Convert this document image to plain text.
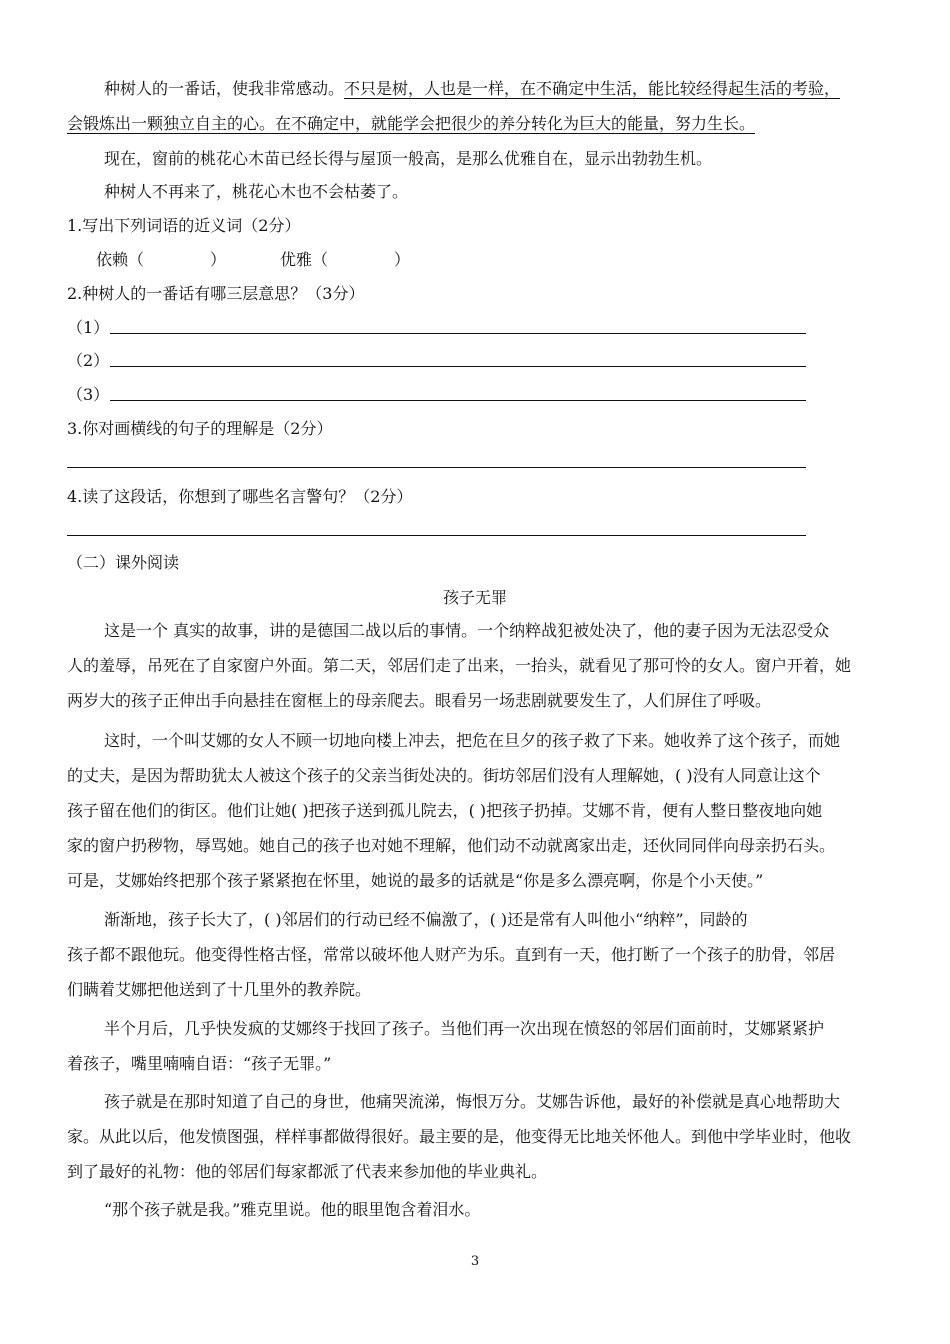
种树人的一番话，使我非常感动。不只是树，人也是一样，在不确定中生活，能比较经得起生活的考验，
会锻炼出一颗独立自主的心。在不确定中，就能学会把很少的养分转化为巨大的能量，努力生长。
现在，窗前的桃花心木苗已经长得与屋顶一般高，是那么优雅自在，显示出勃勃生机。
种树人不再来了，桃花心木也不会枯萎了。
1.写出下列词语的近义词（2分）
依赖（	）	优雅（	）
2.种树人的一番话有哪三层意思？（3分）
（1）
（2）
（3）
3.你对画横线的句子的理解是（2分）
4.读了这段话，你想到了哪些名言警句？（2分）
（二）课外阅读
孩子无罪
这是一个 真实的故事，讲的是德国二战以后的事情。一个纳粹战犯被处决了，他的妻子因为无法忍受众
人的羞辱，吊死在了自家窗户外面。第二天，邻居们走了出来，一抬头，就看见了那可怜的女人。窗户开着，她
两岁大的孩子正伸出手向悬挂在窗框上的母亲爬去。眼看另一场悲剧就要发生了，人们屏住了呼吸。
这时，一个叫艾娜的女人不顾一切地向楼上冲去，把危在旦夕的孩子救了下来。她收养了这个孩子，而她
的丈夫，是因为帮助犹太人被这个孩子的父亲当街处决的。街坊邻居们没有人理解她，( )没有人同意让这个
孩子留在他们的街区。他们让她( )把孩子送到孤儿院去，( )把孩子扔掉。艾娜不肯，便有人整日整夜地向她
家的窗户扔秽物，辱骂她。她自己的孩子也对她不理解，他们动不动就离家出走，还伙同同伴向母亲扔石头。
可是，艾娜始终把那个孩子紧紧抱在怀里，她说的最多的话就是“你是多么漂亮啊，你是个小天使。”
渐渐地，孩子长大了，( )邻居们的行动已经不偏激了，( )还是常有人叫他小“纳粹”，同龄的
孩子都不跟他玩。他变得性格古怪，常常以破坏他人财产为乐。直到有一天，他打断了一个孩子的肋骨，邻居
们瞒着艾娜把他送到了十几里外的教养院。
半个月后，几乎快发疯的艾娜终于找回了孩子。当他们再一次出现在愤怒的邻居们面前时，艾娜紧紧护
着孩子，嘴里喃喃自语：“孩子无罪。”
孩子就是在那时知道了自己的身世，他痛哭流涕，悔恨万分。艾娜告诉他，最好的补偿就是真心地帮助大
家。从此以后，他发愤图强，样样事都做得很好。最主要的是，他变得无比地关怀他人。到他中学毕业时，他收
到了最好的礼物：他的邻居们每家都派了代表来参加他的毕业典礼。
“那个孩子就是我。”雅克里说。他的眼里饱含着泪水。
3
